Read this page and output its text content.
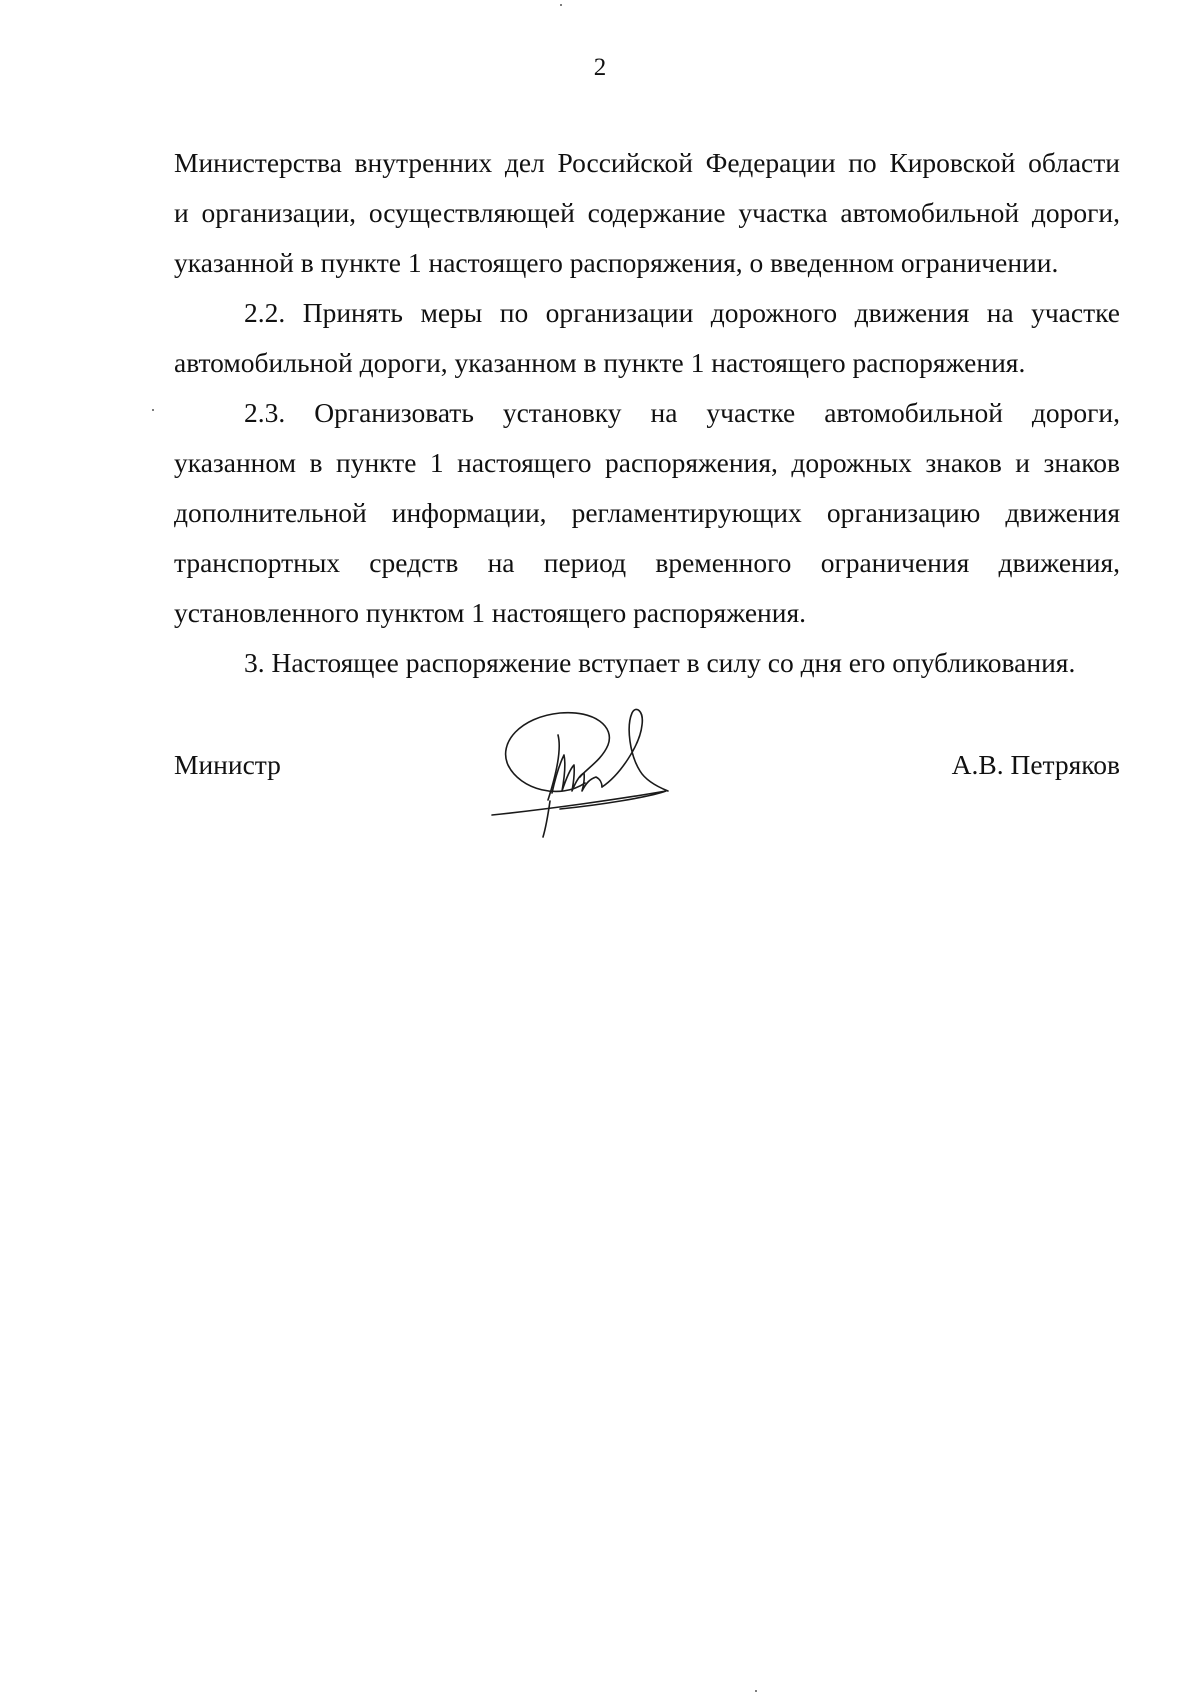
2
Министерства внутренних дел Российской Федерации по Кировской области
и организации, осуществляющей содержание участка автомобильной дороги,
указанной в пункте 1 настоящего распоряжения, о введенном ограничении.
2.2. Принять меры по организации дорожного движения на участке
автомобильной дороги, указанном в пункте 1 настоящего распоряжения.
2.3. Организовать установку на участке автомобильной дороги,
указанном в пункте 1 настоящего распоряжения, дорожных знаков и знаков
дополнительной информации, регламентирующих организацию движения
транспортных средств на период временного ограничения движения,
установленного пунктом 1 настоящего распоряжения.
3. Настоящее распоряжение вступает в силу со дня его опубликования.
Министр	А.В. Петряков
